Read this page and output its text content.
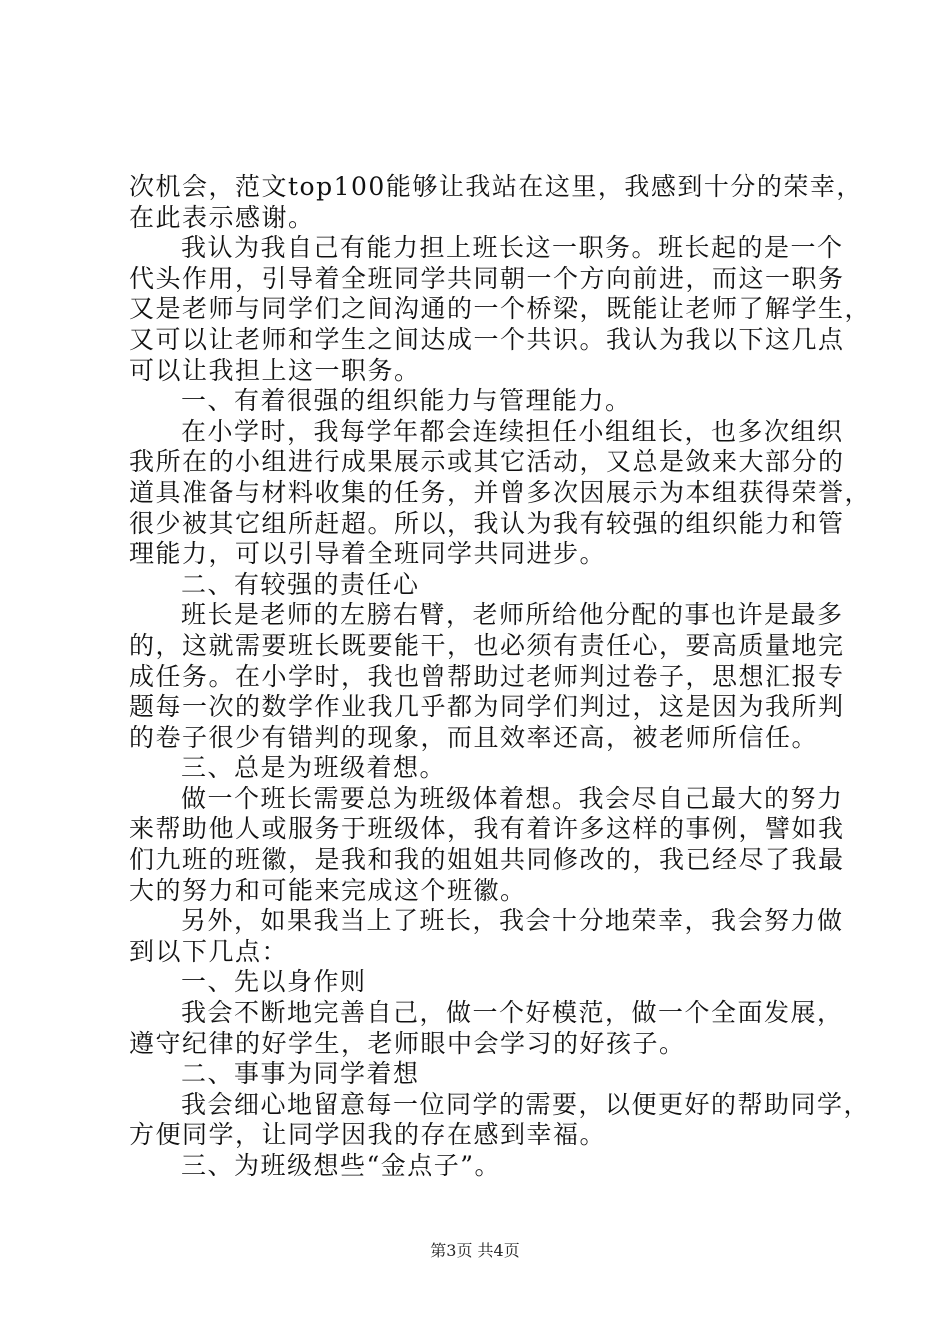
次机会，范文top100能够让我站在这里，我感到十分的荣幸，
在此表示感谢。
我认为我自己有能力担上班长这一职务。班长起的是一个
代头作用，引导着全班同学共同朝一个方向前进，而这一职务
又是老师与同学们之间沟通的一个桥梁，既能让老师了解学生，
又可以让老师和学生之间达成一个共识。我认为我以下这几点
可以让我担上这一职务。
一、有着很强的组织能力与管理能力。
在小学时，我每学年都会连续担任小组组长，也多次组织
我所在的小组进行成果展示或其它活动，又总是敛来大部分的
道具准备与材料收集的任务，并曾多次因展示为本组获得荣誉，
很少被其它组所赶超。所以，我认为我有较强的组织能力和管
理能力，可以引导着全班同学共同进步。
二、有较强的责任心
班长是老师的左膀右臂，老师所给他分配的事也许是最多
的，这就需要班长既要能干，也必须有责任心，要高质量地完
成任务。在小学时，我也曾帮助过老师判过卷子，思想汇报专
题每一次的数学作业我几乎都为同学们判过，这是因为我所判
的卷子很少有错判的现象，而且效率还高，被老师所信任。
三、总是为班级着想。
做一个班长需要总为班级体着想。我会尽自己最大的努力
来帮助他人或服务于班级体，我有着许多这样的事例，譬如我
们九班的班徽，是我和我的姐姐共同修改的，我已经尽了我最
大的努力和可能来完成这个班徽。
另外，如果我当上了班长，我会十分地荣幸，我会努力做
到以下几点：
一、先以身作则
我会不断地完善自己，做一个好模范，做一个全面发展，
遵守纪律的好学生，老师眼中会学习的好孩子。
二、事事为同学着想
我会细心地留意每一位同学的需要，以便更好的帮助同学，
方便同学，让同学因我的存在感到幸福。
三、为班级想些“金点子”。
第3页 共4页
